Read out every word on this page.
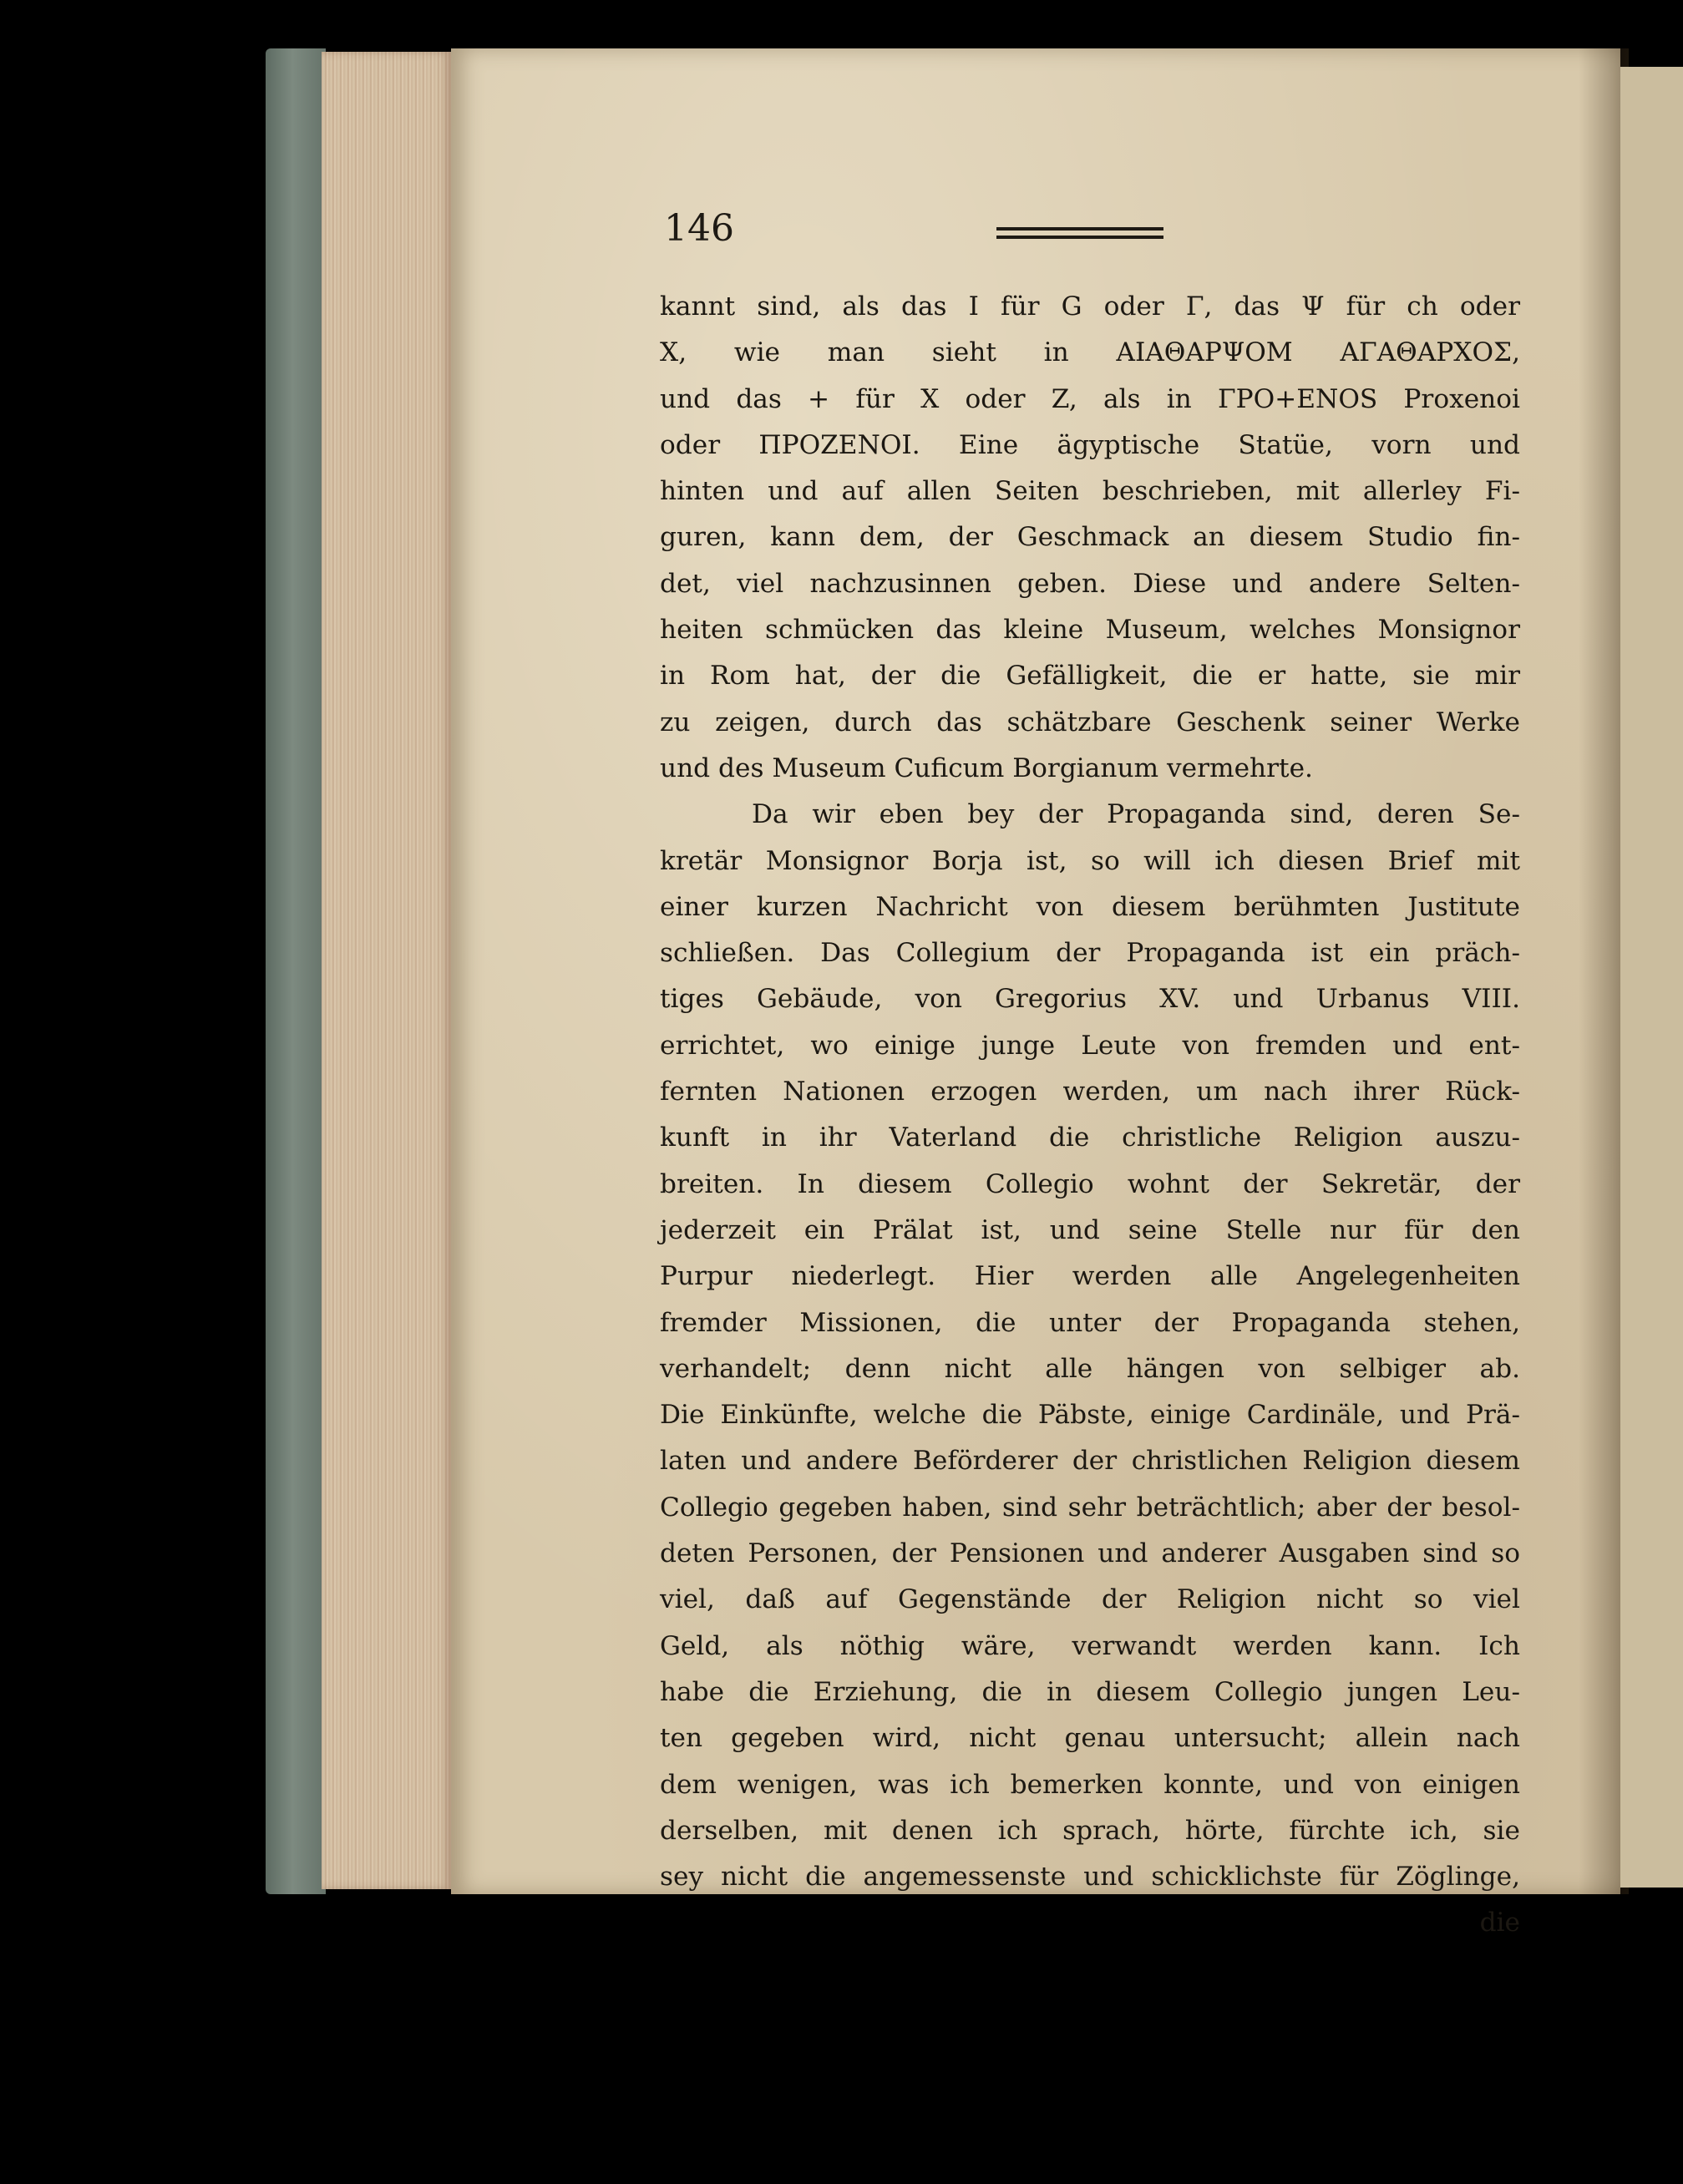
146
kannt sind, als das I für G oder Γ, das Ψ für ch oder
X, wie man sieht in ΑΙΑΘΑΡΨΟΜ ΑΓΑΘΑΡΧΟΣ,
und das + für X oder Z, als in ΓΡΟ+ΕΝΟS Proxenoi
oder ΠΡΟΖΕΝΟΙ. Eine ägyptische Statüe, vorn und
hinten und auf allen Seiten beschrieben, mit allerley Fi-
guren, kann dem, der Geschmack an diesem Studio fin-
det, viel nachzusinnen geben. Diese und andere Selten-
heiten schmücken das kleine Museum, welches Monsignor
in Rom hat, der die Gefälligkeit, die er hatte, sie mir
zu zeigen, durch das schätzbare Geschenk seiner Werke
und des Museum Cuficum Borgianum vermehrte.
Da wir eben bey der Propaganda sind, deren Se-
kretär Monsignor Borja ist, so will ich diesen Brief mit
einer kurzen Nachricht von diesem berühmten Justitute
schließen. Das Collegium der Propaganda ist ein präch-
tiges Gebäude, von Gregorius XV. und Urbanus VIII.
errichtet, wo einige junge Leute von fremden und ent-
fernten Nationen erzogen werden, um nach ihrer Rück-
kunft in ihr Vaterland die christliche Religion auszu-
breiten. In diesem Collegio wohnt der Sekretär, der
jederzeit ein Prälat ist, und seine Stelle nur für den
Purpur niederlegt. Hier werden alle Angelegenheiten
fremder Missionen, die unter der Propaganda stehen,
verhandelt; denn nicht alle hängen von selbiger ab.
Die Einkünfte, welche die Päbste, einige Cardinäle, und Prä-
laten und andere Beförderer der christlichen Religion diesem
Collegio gegeben haben, sind sehr beträchtlich; aber der besol-
deten Personen, der Pensionen und anderer Ausgaben sind so
viel, daß auf Gegenstände der Religion nicht so viel
Geld, als nöthig wäre, verwandt werden kann. Ich
habe die Erziehung, die in diesem Collegio jungen Leu-
ten gegeben wird, nicht genau untersucht; allein nach
dem wenigen, was ich bemerken konnte, und von einigen
derselben, mit denen ich sprach, hörte, fürchte ich, sie
sey nicht die angemessenste und schicklichste für Zöglinge,
die
